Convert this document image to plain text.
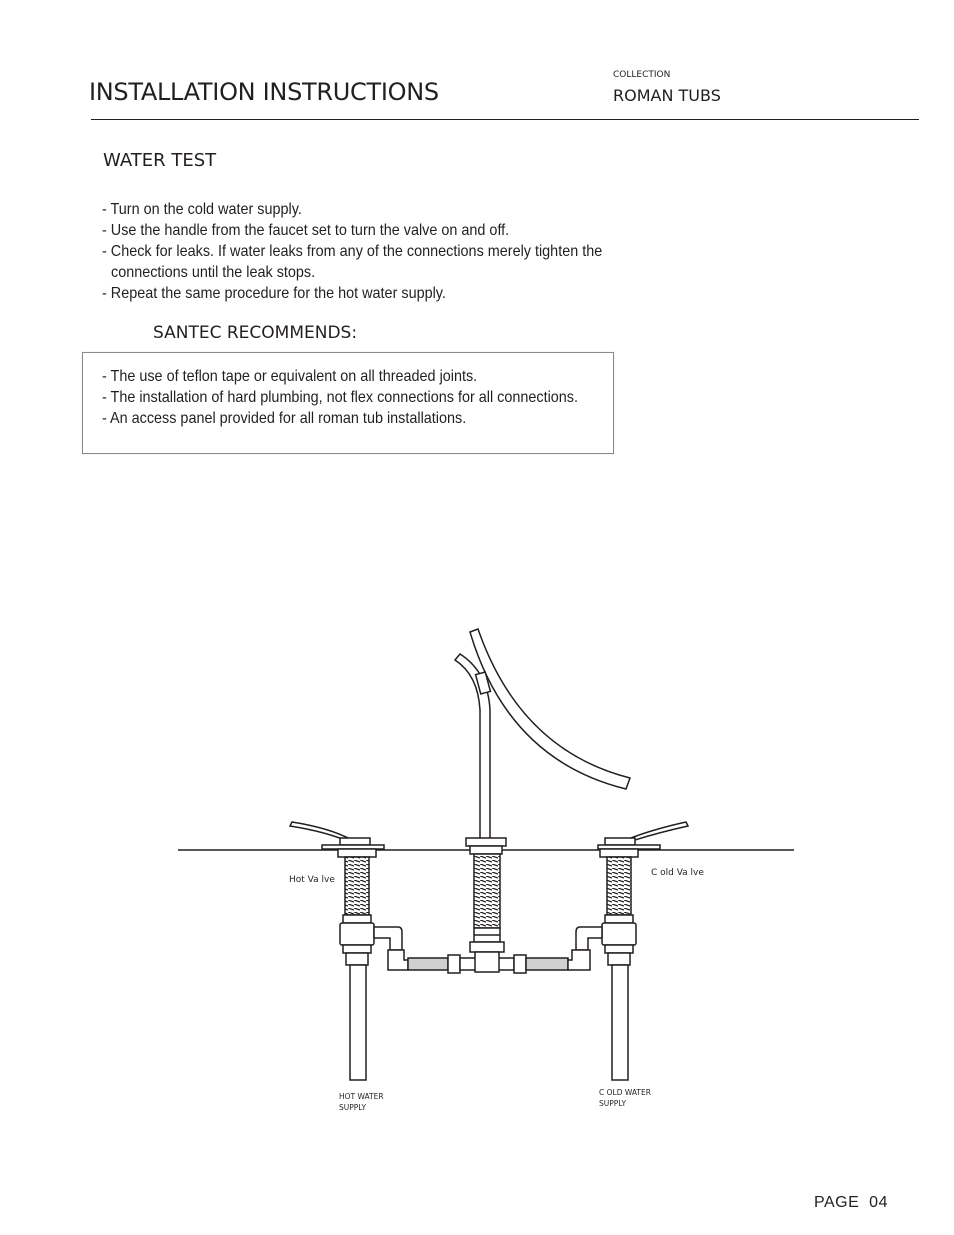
INSTALLATION INSTRUCTIONS
COLLECTION
ROMAN TUBS
WATER TEST
- Turn on the cold water supply.
- Use the handle from the faucet set to turn the valve on and off.
- Check for leaks. If water leaks from any of the connections merely tighten the connections until the leak stops.
- Repeat the same procedure for the hot water supply.
SANTEC RECOMMENDS:
- The use of teflon tape or equivalent on all threaded joints.
- The installation of hard plumbing, not flex connections for all connections.
- An access panel provided for all roman tub installations.
Hot Va lve
C old Va lve
HOT WATER
SUPPLY
C OLD WATER
SUPPLY
PAGE  04
